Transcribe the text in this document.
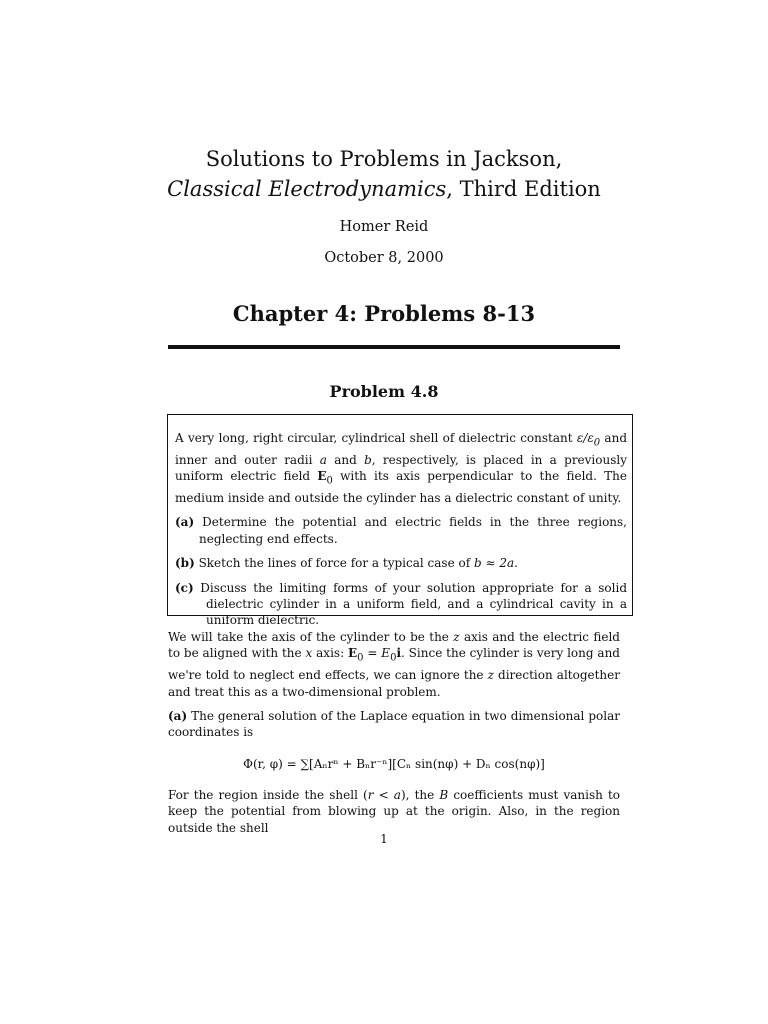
Solutions to Problems in Jackson,
Classical Electrodynamics, Third Edition
Homer Reid
October 8, 2000
Chapter 4: Problems 8-13
Problem 4.8
A very long, right circular, cylindrical shell of dielectric constant $\varepsilon/\varepsilon_0$ and inner and outer radii a and b, respectively, is placed in a previously uniform electric field $E_0$ with its axis perpendicular to the field. The medium inside and outside the cylinder has a dielectric constant of unity.
(a) Determine the potential and electric fields in the three regions, neglecting end effects.
(b) Sketch the lines of force for a typical case of b ≈ 2a.
(c) Discuss the limiting forms of your solution appropriate for a solid dielectric cylinder in a uniform field, and a cylindrical cavity in a uniform dielectric.

We will take the axis of the cylinder to be the z axis and the electric field to be aligned with the x axis: $E_0 = E_0i$. Since the cylinder is very long and we're told to neglect end effects, we can ignore the z direction altogether and treat this as a two-dimensional problem.

(a) The general solution of the Laplace equation in two dimensional polar coordinates is

Φ(r, φ) = ∑[Aₙrⁿ + Bₙr⁻ⁿ][Cₙ sin(nφ) + Dₙ cos(nφ)]

For the region inside the shell (r < a), the B coefficients must vanish to keep the potential from blowing up at the origin. Also, in the region outside the shell

1
